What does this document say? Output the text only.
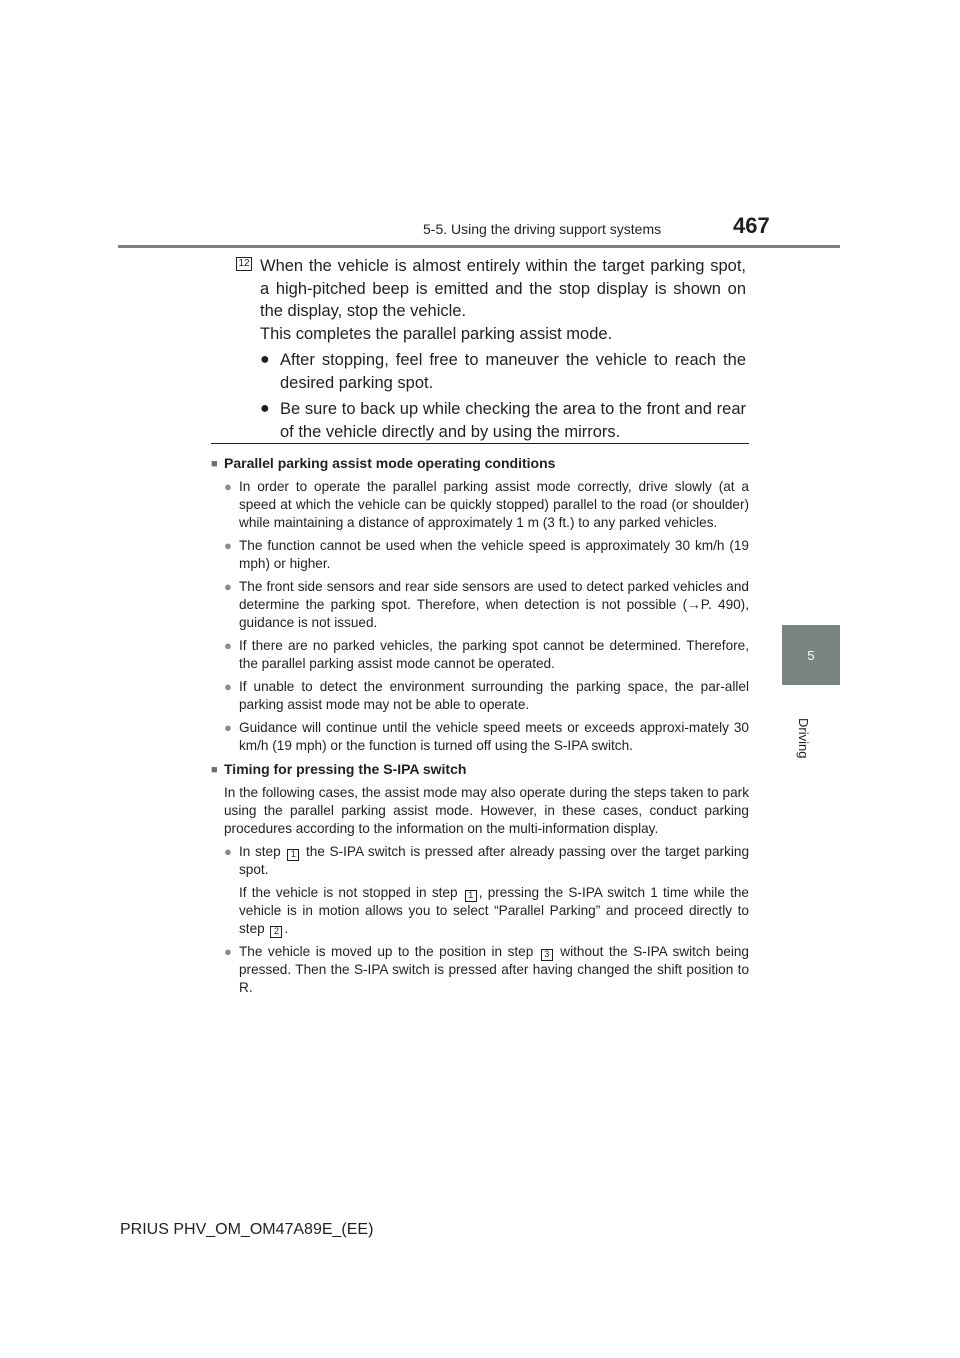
5-5. Using the driving support systems	467
5
Driving
12 When the vehicle is almost entirely within the target parking spot, a high-pitched beep is emitted and the stop display is shown on the display, stop the vehicle.

This completes the parallel parking assist mode.

● After stopping, feel free to maneuver the vehicle to reach the desired parking spot.
● Be sure to back up while checking the area to the front and rear of the vehicle directly and by using the mirrors.
■ Parallel parking assist mode operating conditions
● In order to operate the parallel parking assist mode correctly, drive slowly (at a speed at which the vehicle can be quickly stopped) parallel to the road (or shoulder) while maintaining a distance of approximately 1 m (3 ft.) to any parked vehicles.
● The function cannot be used when the vehicle speed is approximately 30 km/h (19 mph) or higher.
● The front side sensors and rear side sensors are used to detect parked vehicles and determine the parking spot. Therefore, when detection is not possible (→P. 490), guidance is not issued.
● If there are no parked vehicles, the parking spot cannot be determined. Therefore, the parallel parking assist mode cannot be operated.
● If unable to detect the environment surrounding the parking space, the par-allel parking assist mode may not be able to operate.
● Guidance will continue until the vehicle speed meets or exceeds approxi-mately 30 km/h (19 mph) or the function is turned off using the S-IPA switch.
■ Timing for pressing the S-IPA switch
In the following cases, the assist mode may also operate during the steps taken to park using the parallel parking assist mode. However, in these cases, conduct parking procedures according to the information on the multi-information display.
● In step 1 the S-IPA switch is pressed after already passing over the target parking spot.
If the vehicle is not stopped in step 1 , pressing the S-IPA switch 1 time while the vehicle is in motion allows you to select “Parallel Parking” and proceed directly to step 2 .
● The vehicle is moved up to the position in step 3 without the S-IPA switch being pressed. Then the S-IPA switch is pressed after having changed the shift position to R.
PRIUS PHV_OM_OM47A89E_(EE)
